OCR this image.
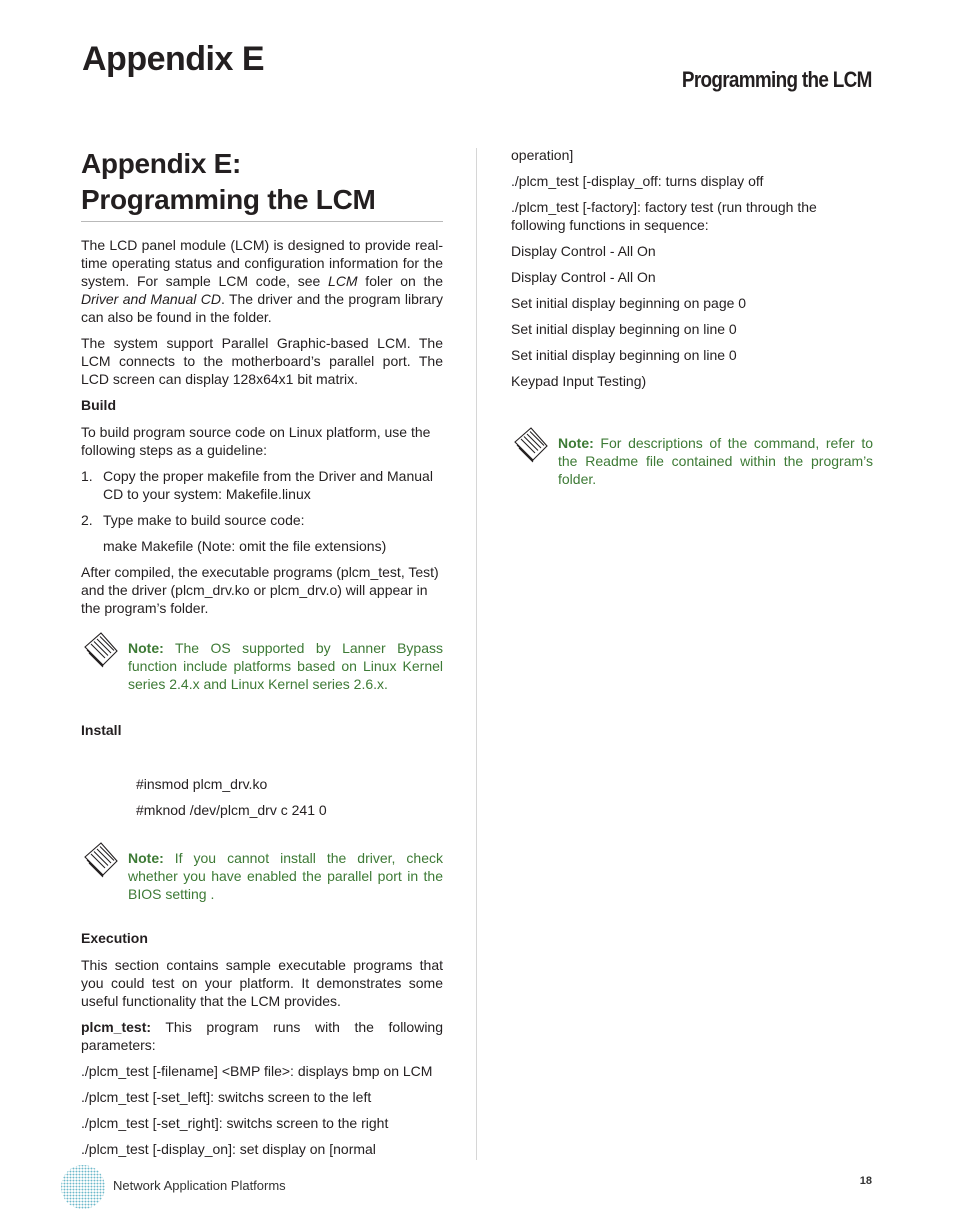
Appendix E
Programming the LCM
Appendix E:
Programming the LCM

The LCD panel module (LCM) is designed to provide real-time operating status and configuration information for the system. For sample LCM code, see LCM foler on the Driver and Manual CD. The driver and the program library can also be found in the folder.

The system support Parallel Graphic-based LCM. The LCM connects to the motherboard’s parallel port. The LCD screen can display 128x64x1 bit matrix.

Build

To build program source code on Linux platform, use the following steps as a guideline:

1. Copy the proper makefile from the Driver and Manual CD to your system: Makefile.linux
2. Type make to build source code:
make Makefile (Note: omit the file extensions)

After compiled, the executable programs (plcm_test, Test) and the driver (plcm_drv.ko or plcm_drv.o) will appear in the program’s folder.

Note: The OS supported by Lanner Bypass function include platforms based on Linux Kernel series 2.4.x and Linux Kernel series 2.6.x.
Install
#insmod plcm_drv.ko
#mknod /dev/plcm_drv c 241 0
Note: If you cannot install the driver, check whether you have enabled the parallel port in the BIOS setting .
Execution

This section contains sample executable programs that you could test on your platform. It demonstrates some useful functionality that the LCM provides.

plcm_test: This program runs with the following parameters:

./plcm_test [-filename] <BMP file>: displays bmp on LCM
./plcm_test [-set_left]: switchs screen to the left
./plcm_test [-set_right]: switchs screen to the right
./plcm_test [-display_on]: set display on [normal
operation]
./plcm_test [-display_off: turns display off
./plcm_test [-factory]: factory test (run through the following functions in sequence:
Display Control - All On
Display Control - All On
Set initial display beginning on page 0
Set initial display beginning on line 0
Set initial display beginning on line 0
Keypad Input Testing)
Note: For descriptions of the command, refer to the Readme file contained within the program’s folder.
Network Application Platforms	18
